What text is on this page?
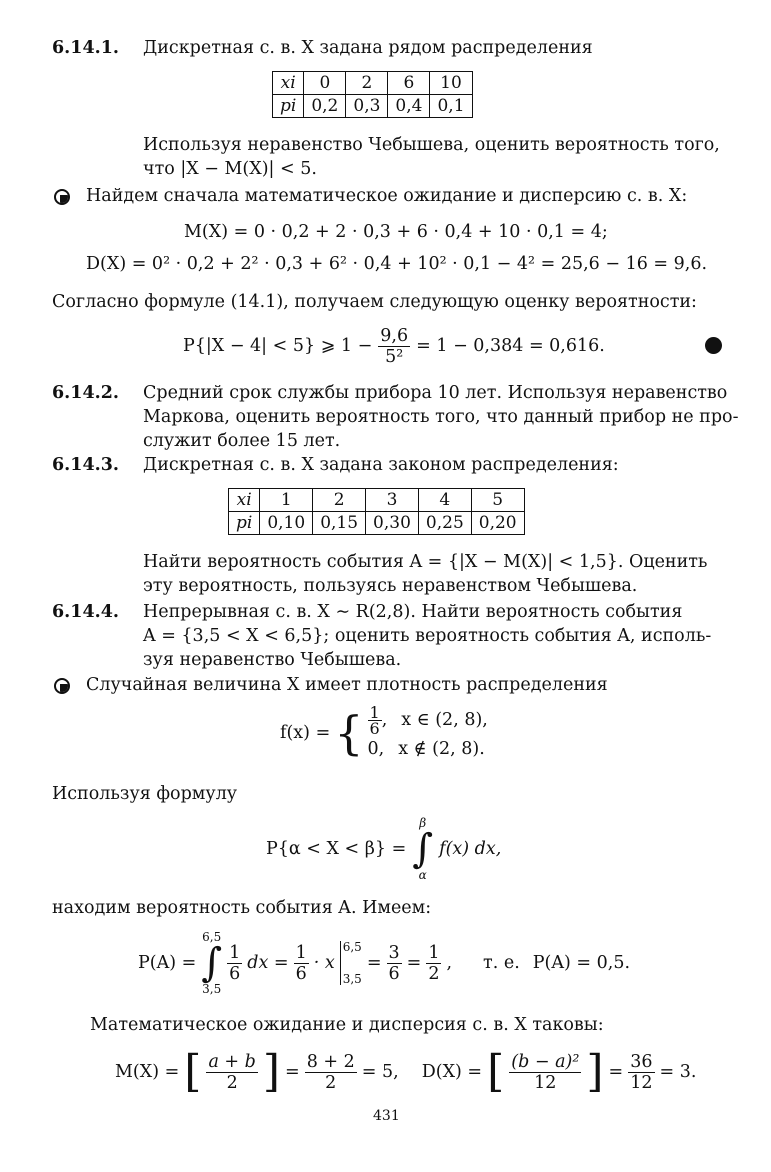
6.14.1. Дискретная с. в. X задана рядом распределения
xi	0	2	6	10
pi	0,2	0,3	0,4	0,1
Используя неравенство Чебышева, оценить вероятность того,
что |X − M(X)| < 5.
Найдем сначала математическое ожидание и дисперсию с. в. X:
M(X) = 0 · 0,2 + 2 · 0,3 + 6 · 0,4 + 10 · 0,1 = 4;
D(X) = 0² · 0,2 + 2² · 0,3 + 6² · 0,4 + 10² · 0,1 − 4² = 25,6 − 16 = 9,6.
Согласно формуле (14.1), получаем следующую оценку вероятности:
P{|X − 4| < 5} ⩾ $1 - \frac{9,6}{\text{5²}} = 1 - 0,384 = 0,616$.
6.14.2. Средний срок службы прибора 10 лет. Используя неравенство
Маркова, оценить вероятность того, что данный прибор не про-
служит более 15 лет.
6.14.3. Дискретная с. в. X задана законом распределения:
xi	1	2	3	4	5
pi	0,10	0,15	0,30	0,25	0,20
Найти вероятность события A = {|X − M(X)| < 1,5}. Оценить
эту вероятность, пользуясь неравенством Чебышева.
6.14.4. Непрерывная с. в. X ∼ R(2,8). Найти вероятность события
A = {3,5 < X < 6,5}; оценить вероятность события A, исполь-
зуя неравенство Чебышева.
Случайная величина X имеет плотность распределения
f(x) = { $\frac{1}{6}$ , x ∈ (2, 8),
0, x ∉ (2, 8).
Используя формулу
P{α < X < β} =
β
∫
α
f(x) dx,
находим вероятность события A. Имеем:
P(A) =
6,5
∫
3,5
$\frac{1}{6}$ dx = $\frac{1}{6} \cdot x$
6,5
3,5
= $\frac{3}{6} = \frac{1}{2}$ , т. е. P(A) = 0,5.
Математическое ожидание и дисперсия с. в. X таковы:
M(X) = [ $\frac{a + b}{2}$ ] = $\frac{8 + 2}{2} = 5$, D(X) = [ $\frac{\text{(b − a)²}}{12}$ ] = $\frac{36}{12} = 3$.
431
